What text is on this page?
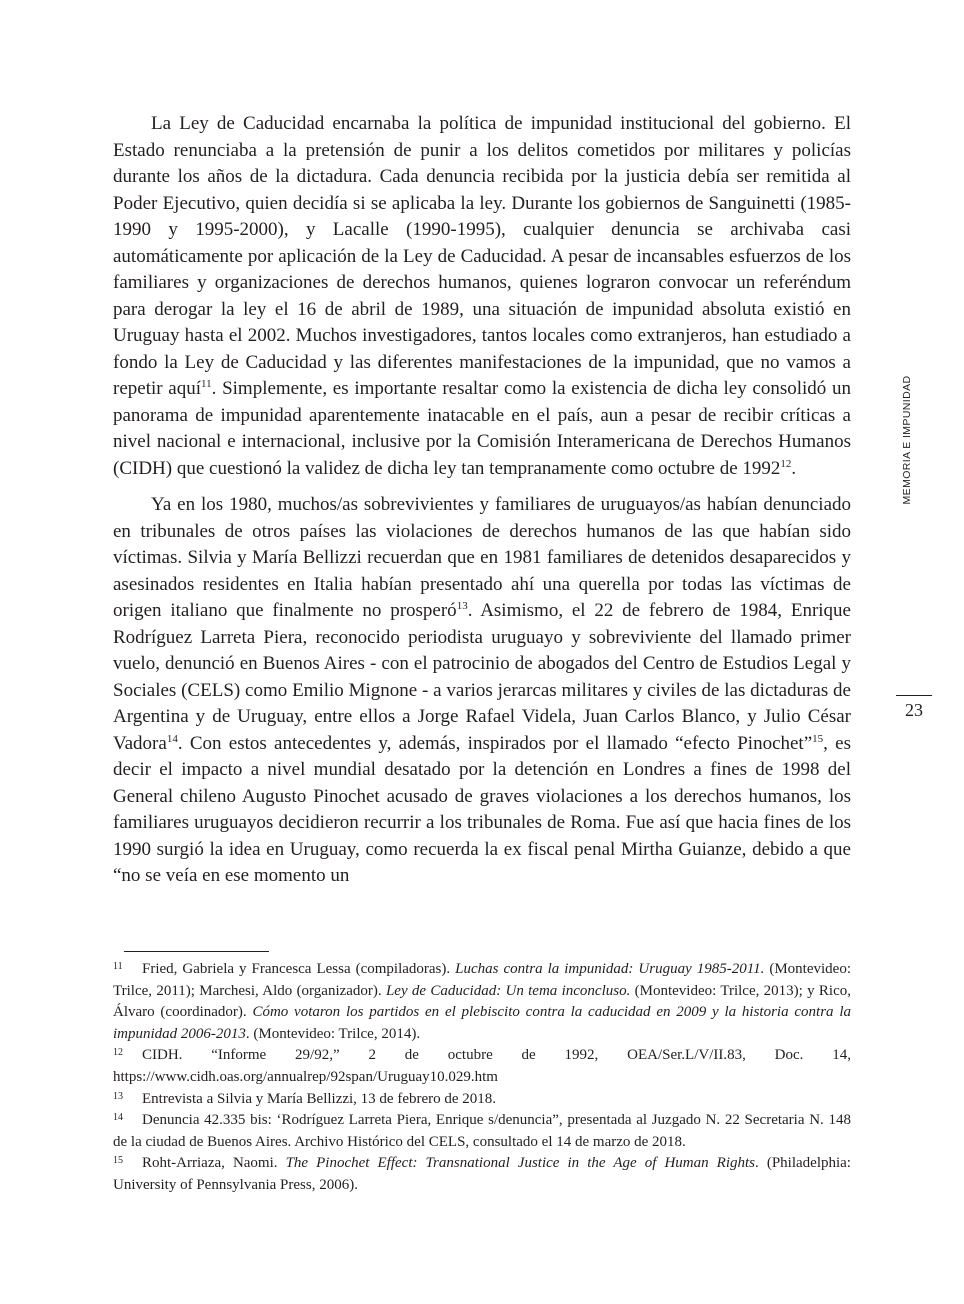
La Ley de Caducidad encarnaba la política de impunidad institucional del gobierno. El Estado renunciaba a la pretensión de punir a los delitos cometidos por militares y policías durante los años de la dictadura. Cada denuncia recibida por la justicia debía ser remitida al Poder Ejecutivo, quien decidía si se aplicaba la ley. Durante los gobiernos de Sanguinetti (1985-1990 y 1995-2000), y Lacalle (1990-1995), cualquier denuncia se archivaba casi automáticamente por aplicación de la Ley de Caducidad. A pesar de incansables esfuerzos de los familiares y organizaciones de derechos humanos, quienes lograron convocar un referéndum para derogar la ley el 16 de abril de 1989, una situación de impunidad absoluta existió en Uruguay hasta el 2002. Muchos investigadores, tantos locales como extranjeros, han estudiado a fondo la Ley de Caducidad y las diferentes manifestaciones de la impunidad, que no vamos a repetir aquí$^{11}$. Simplemente, es importante resaltar como la existencia de dicha ley consolidó un panorama de impunidad aparentemente inatacable en el país, aun a pesar de recibir críticas a nivel nacional e internacional, inclusive por la Comisión Interamericana de Derechos Humanos (CIDH) que cuestionó la validez de dicha ley tan tempranamente como octubre de 1992$^{12}$.

Ya en los 1980, muchos/as sobrevivientes y familiares de uruguayos/as habían denunciado en tribunales de otros países las violaciones de derechos humanos de las que habían sido víctimas. Silvia y María Bellizzi recuerdan que en 1981 familiares de detenidos desaparecidos y asesinados residentes en Italia habían presentado ahí una querella por todas las víctimas de origen italiano que finalmente no prosperó$^{13}$. Asimismo, el 22 de febrero de 1984, Enrique Rodríguez Larreta Piera, reconocido periodista uruguayo y sobreviviente del llamado primer vuelo, denunció en Buenos Aires - con el patrocinio de abogados del Centro de Estudios Legal y Sociales (CELS) como Emilio Mignone - a varios jerarcas militares y civiles de las dictaduras de Argentina y de Uruguay, entre ellos a Jorge Rafael Videla, Juan Carlos Blanco, y Julio César Vadora$^{14}$. Con estos antecedentes y, además, inspirados por el llamado “efecto Pinochet”$^{15}$, es decir el impacto a nivel mundial desatado por la detención en Londres a fines de 1998 del General chileno Augusto Pinochet acusado de graves violaciones a los derechos humanos, los familiares uruguayos decidieron recurrir a los tribunales de Roma. Fue así que hacia fines de los 1990 surgió la idea en Uruguay, como recuerda la ex fiscal penal Mirtha Guianze, debido a que “no se veía en ese momento un

MEMORIA E IMPUNIDAD
23

11 Fried, Gabriela y Francesca Lessa (compiladoras). Luchas contra la impunidad: Uruguay 1985-2011. (Montevideo: Trilce, 2011); Marchesi, Aldo (organizador). Ley de Caducidad: Un tema inconcluso. (Montevideo: Trilce, 2013); y Rico, Álvaro (coordinador). Cómo votaron los partidos en el plebiscito contra la caducidad en 2009 y la historia contra la impunidad 2006-2013. (Montevideo: Trilce, 2014).

12 CIDH. “Informe 29/92,” 2 de octubre de 1992, OEA/Ser.L/V/II.83, Doc. 14, https://www.cidh.oas.org/annualrep/92span/Uruguay10.029.htm

13 Entrevista a Silvia y María Bellizzi, 13 de febrero de 2018.

14 Denuncia 42.335 bis: ‘Rodríguez Larreta Piera, Enrique s/denuncia”, presentada al Juzgado N. 22 Secretaria N. 148 de la ciudad de Buenos Aires. Archivo Histórico del CELS, consultado el 14 de marzo de 2018.

15 Roht-Arriaza, Naomi. The Pinochet Effect: Transnational Justice in the Age of Human Rights. (Philadelphia: University of Pennsylvania Press, 2006).
